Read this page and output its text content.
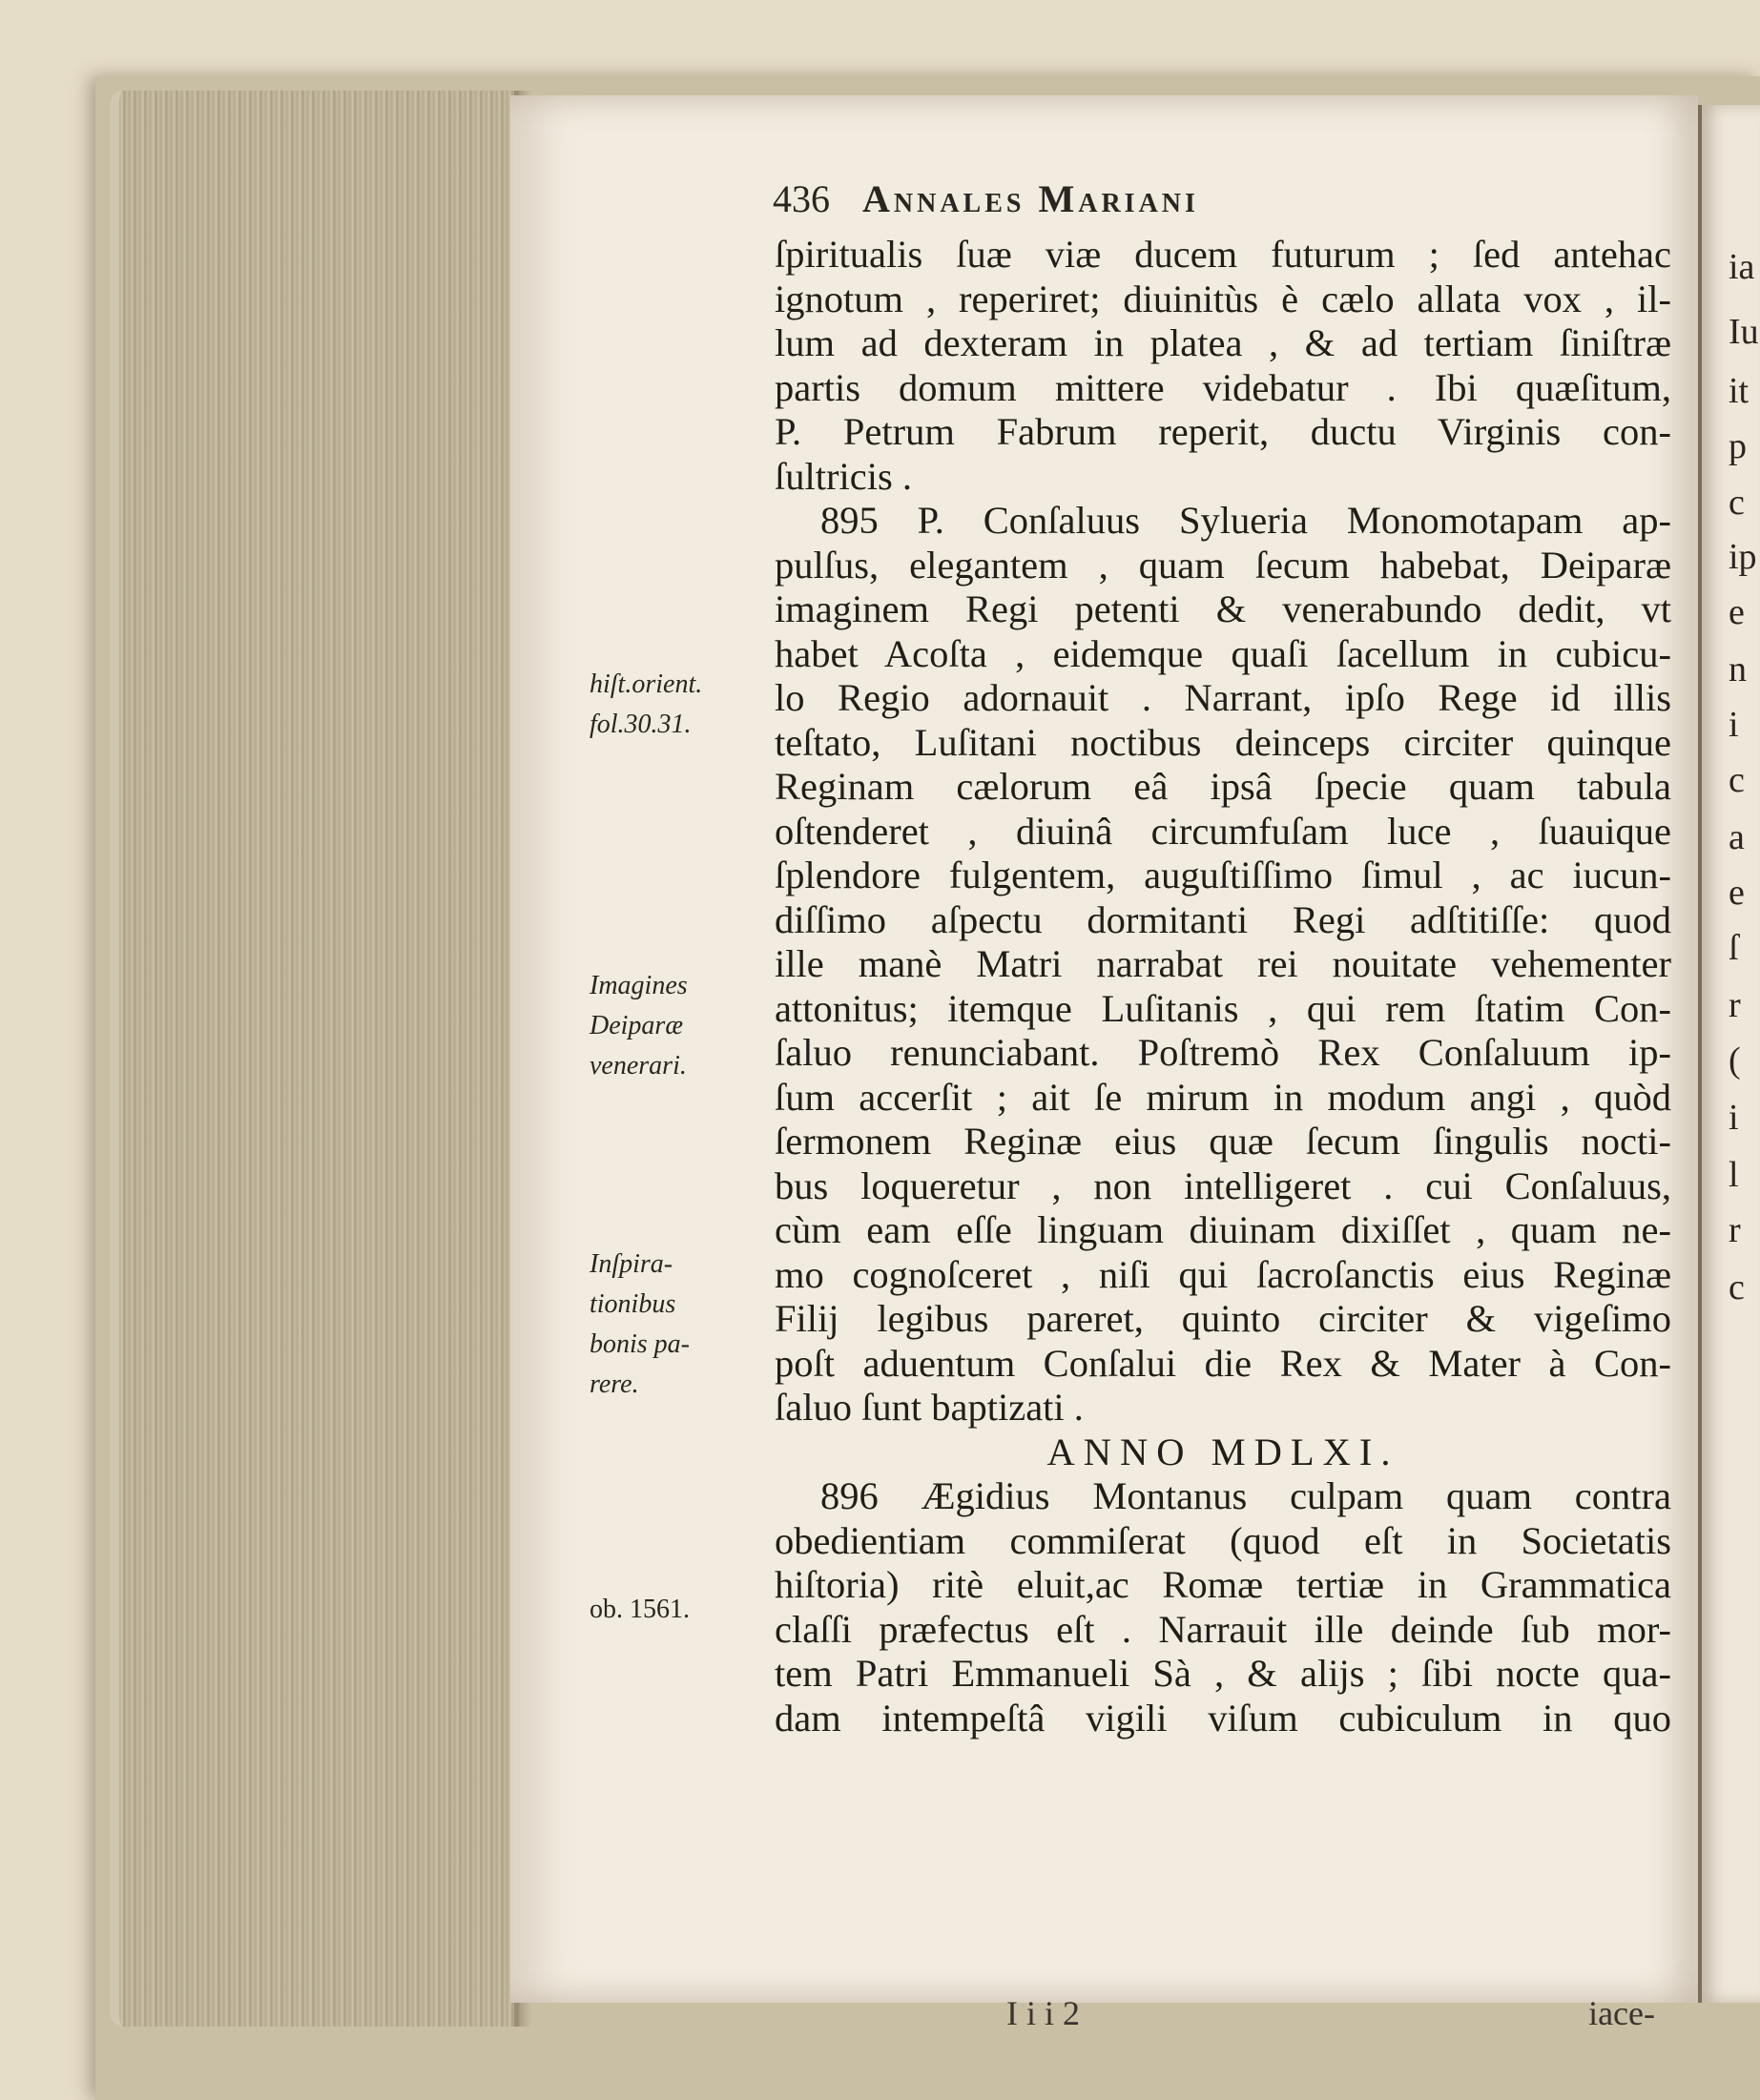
ia
Iu
it
p
c
ip
e
n
i
c
a
e
ſ
r
(
i
l
r
c
436 Annales Mariani
ſpiritualis ſuæ viæ ducem futurum ; ſed antehac
ignotum , reperiret; diuinitùs è cælo allata vox , il-
lum ad dexteram in platea , & ad tertiam ſiniſtræ
partis domum mittere videbatur . Ibi quæſitum,
P. Petrum Fabrum reperit, ductu Virginis con-
ſultricis .
895 P. Conſaluus Sylueria Monomotapam ap-
pulſus, elegantem , quam ſecum habebat, Deiparæ
imaginem Regi petenti & venerabundo dedit, vt
habet Acoſta , eidemque quaſi ſacellum in cubicu-
lo Regio adornauit . Narrant, ipſo Rege id illis
teſtato, Luſitani noctibus deinceps circiter quinque
Reginam cælorum eâ ipsâ ſpecie quam tabula
oſtenderet , diuinâ circumfuſam luce , ſuauique
ſplendore fulgentem, auguſtiſſimo ſimul , ac iucun-
diſſimo aſpectu dormitanti Regi adſtitiſſe: quod
ille manè Matri narrabat rei nouitate vehementer
attonitus; itemque Luſitanis , qui rem ſtatim Con-
ſaluo renunciabant. Poſtremò Rex Conſaluum ip-
ſum accerſit ; ait ſe mirum in modum angi , quòd
ſermonem Reginæ eius quæ ſecum ſingulis nocti-
bus loqueretur , non intelligeret . cui Conſaluus,
cùm eam eſſe linguam diuinam dixiſſet , quam ne-
mo cognoſceret , niſi qui ſacroſanctis eius Reginæ
Filij legibus pareret, quinto circiter & vigeſimo
poſt aduentum Conſalui die Rex & Mater à Con-
ſaluo ſunt baptizati .
ANNO MDLXI.
896 Ægidius Montanus culpam quam contra
obedientiam commiſerat (quod eſt in Societatis
hiſtoria) ritè eluit,ac Romæ tertiæ in Grammatica
claſſi præfectus eſt . Narrauit ille deinde ſub mor-
tem Patri Emmanueli Sà , & alijs ; ſibi nocte qua-
dam intempeſtâ vigili viſum cubiculum in quo
hiſt.orient.
fol.30.31.
Imagines
Deiparæ
venerari.
Inſpira-
tionibus
bonis pa-
rere.
ob. 1561.
I i i 2	iace-
